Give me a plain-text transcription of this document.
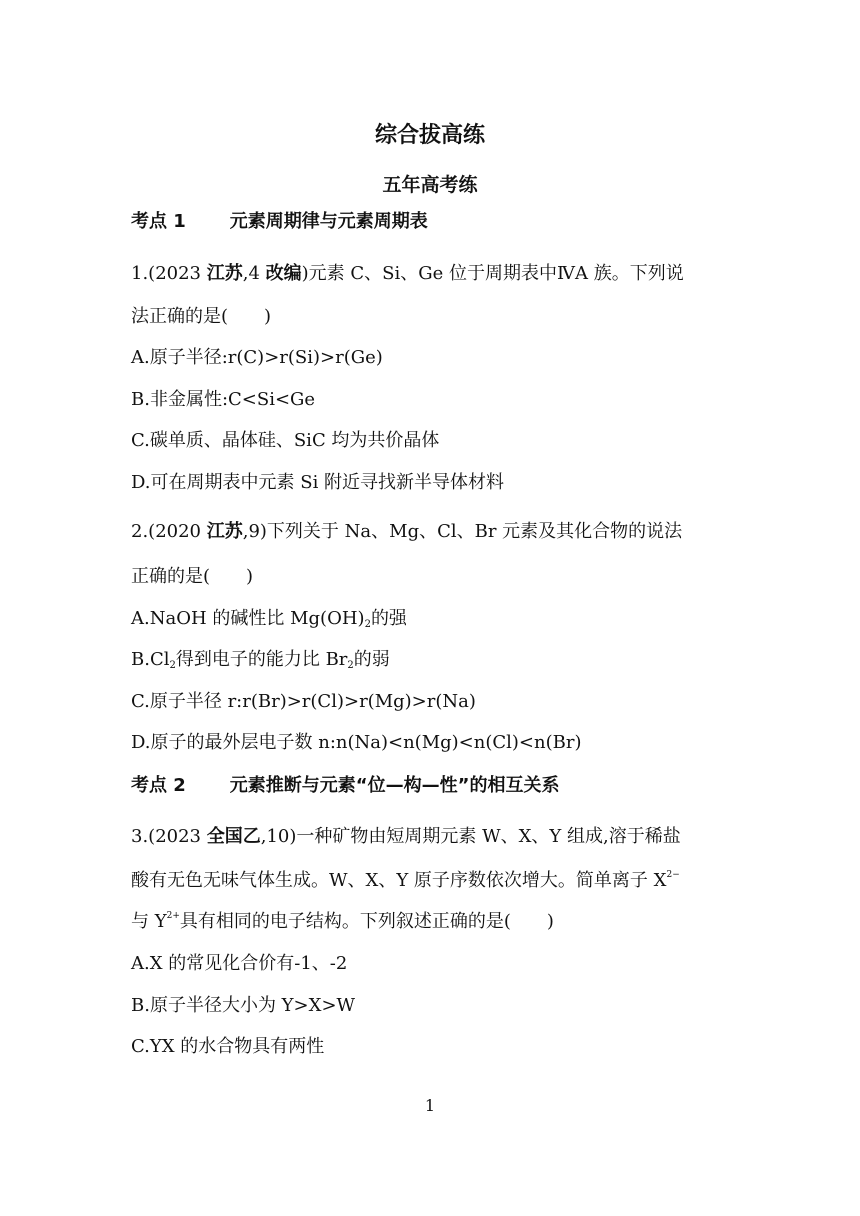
综合拔高练
五年高考练
考点 1 元素周期律与元素周期表
1.(2023 江苏,4 改编)元素 C、Si、Ge 位于周期表中ⅣA 族。下列说
法正确的是(　　)
A.原子半径:r(C)>r(Si)>r(Ge)
B.非金属性:C<Si<Ge
C.碳单质、晶体硅、SiC 均为共价晶体
D.可在周期表中元素 Si 附近寻找新半导体材料
2.(2020 江苏,9)下列关于 Na、Mg、Cl、Br 元素及其化合物的说法
正确的是(　　)
A.NaOH 的碱性比 $Mg(OH)_2$的强
$B.Cl_2$得到电子的能力比 $Br_2$的弱
C.原子半径 r:r(Br)>r(Cl)>r(Mg)>r(Na)
D.原子的最外层电子数 n:n(Na)<n(Mg)<n(Cl)<n(Br)
考点 2 元素推断与元素“位—构—性”的相互关系
3.(2023 全国乙,10)一种矿物由短周期元素 W、X、Y 组成,溶于稀盐
酸有无色无味气体生成。W、X、Y 原子序数依次增大。简单离子 $X^{2-}$
与 $Y^{2+}$具有相同的电子结构。下列叙述正确的是(　　)
A.X 的常见化合价有-1、-2
B.原子半径大小为 Y>X>W
C.YX 的水合物具有两性
1
